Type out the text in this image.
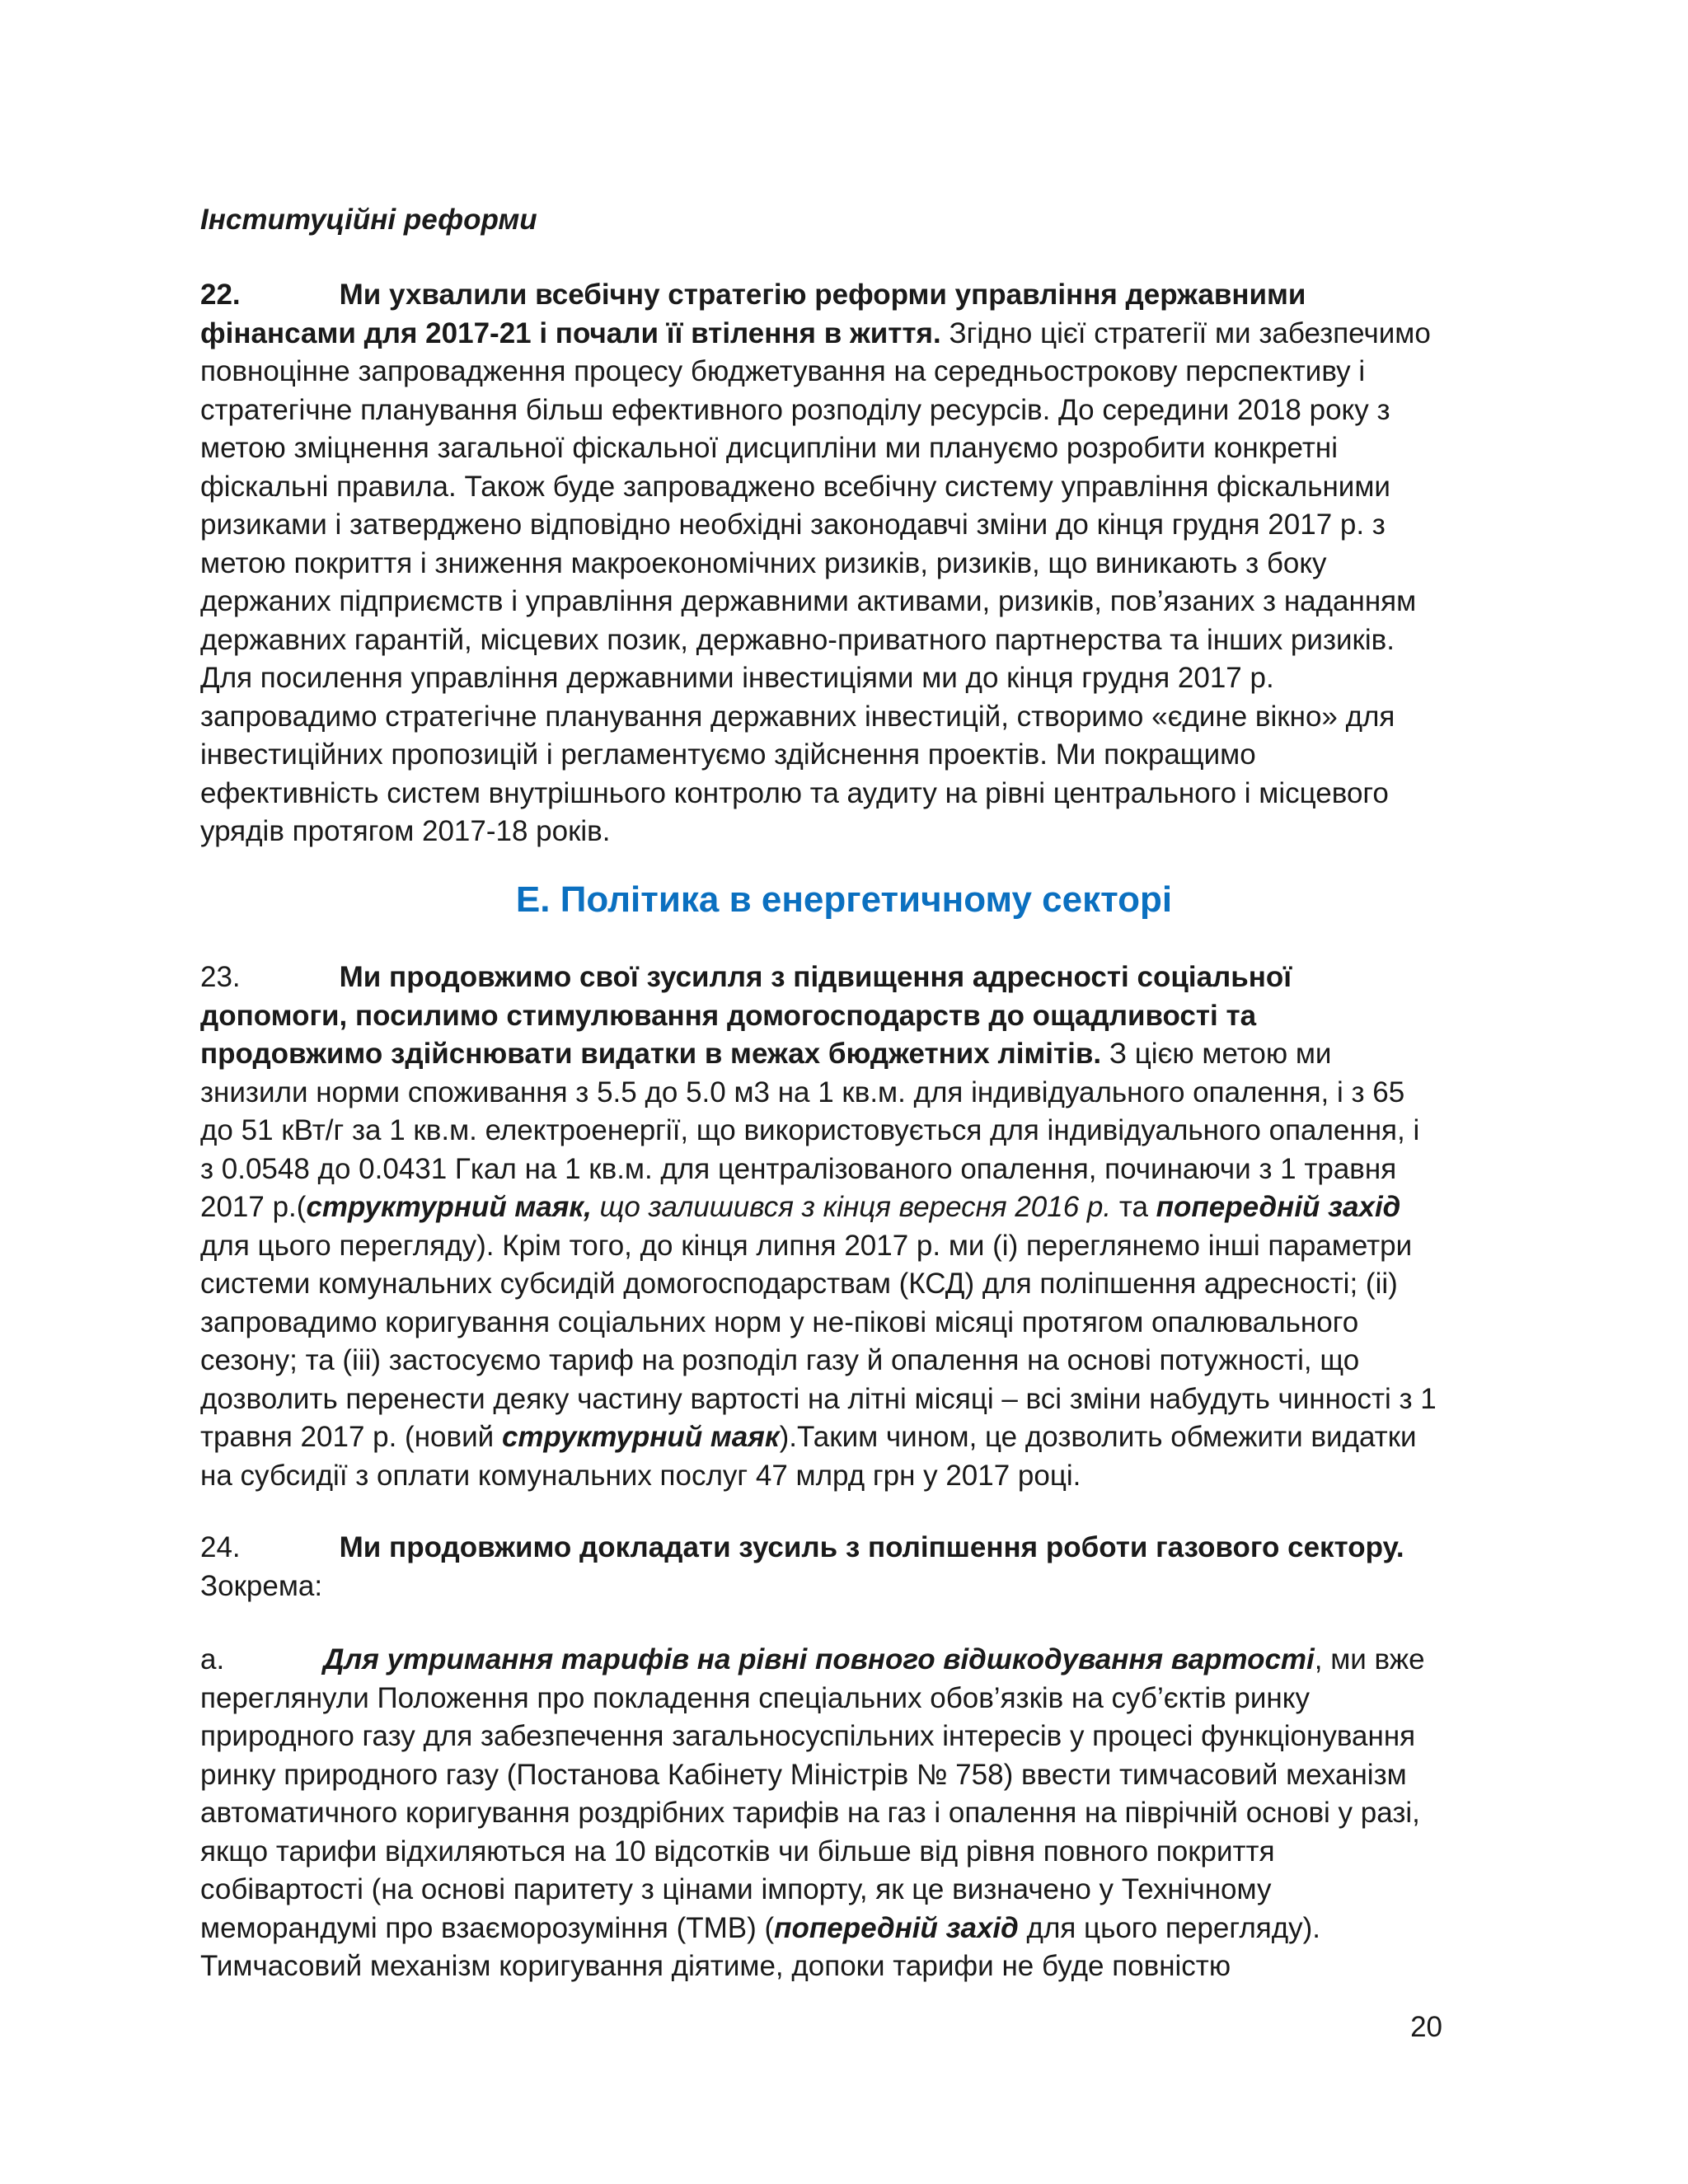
Інституційні реформи
22.	Ми ухвалили всебічну стратегію реформи управління державними фінансами для 2017-21 і почали її втілення в життя. Згідно цієї стратегії ми забезпечимо повноцінне запровадження процесу бюджетування на середньострокову перспективу і стратегічне планування більш ефективного розподілу ресурсів. До середини 2018 року з метою зміцнення загальної фіскальної дисципліни ми плануємо розробити конкретні фіскальні правила. Також буде запроваджено всебічну систему управління фіскальними ризиками і затверджено відповідно необхідні законодавчі зміни до кінця грудня 2017 р. з метою покриття і зниження макроекономічних ризиків, ризиків, що виникають з боку держаних підприємств і управління державними активами, ризиків, пов’язаних з наданням державних гарантій, місцевих позик, державно-приватного партнерства та інших ризиків. Для посилення управління державними інвестиціями ми до кінця грудня 2017 р. запровадимо стратегічне планування державних інвестицій, створимо «єдине вікно» для інвестиційних пропозицій і регламентуємо здійснення проектів. Ми покращимо ефективність систем внутрішнього контролю та аудиту на рівні центрального і місцевого урядів протягом 2017-18 років.
E. Політика в енергетичному секторі
23.	Ми продовжимо свої зусилля з підвищення адресності соціальної допомоги, посилимо стимулювання домогосподарств до ощадливості та продовжимо здійснювати видатки в межах бюджетних лімітів. З цією метою ми знизили норми споживання з 5.5 до 5.0 м3 на 1 кв.м. для індивідуального опалення, і з 65 до 51 кВт/г за 1 кв.м. електроенергії, що використовується для індивідуального опалення, і з 0.0548 до 0.0431 Гкал на 1 кв.м. для централізованого опалення, починаючи з 1 травня 2017 р.(структурний маяк, що залишився з кінця вересня 2016 р. та попередній захід для цього перегляду). Крім того, до кінця липня 2017 р. ми (i) переглянемо інші параметри системи комунальних субсидій домогосподарствам (КСД) для поліпшення адресності; (ii) запровадимо коригування соціальних норм у не-пікові місяці протягом опалювального сезону; та (iii) застосуємо тариф на розподіл газу й опалення на основі потужності, що дозволить перенести деяку частину вартості на літні місяці – всі зміни набудуть чинності з 1 травня 2017 р. (новий структурний маяк).Таким чином, це дозволить обмежити видатки на субсидії з оплати комунальних послуг 47 млрд грн у 2017 році.
24.	Ми продовжимо докладати зусиль з поліпшення роботи газового сектору. Зокрема:
a.	Для утримання тарифів на рівні повного відшкодування вартості, ми вже переглянули Положення про покладення спеціальних обов’язків на суб’єктів ринку природного газу для забезпечення загальносуспільних інтересів у процесі функціонування ринку природного газу (Постанова Кабінету Міністрів № 758) ввести тимчасовий механізм автоматичного коригування роздрібних тарифів на газ і опалення на піврічній основі у разі, якщо тарифи відхиляються на 10 відсотків чи більше від рівня повного покриття собівартості (на основі паритету з цінами імпорту, як це визначено у Технічному меморандумі про взаєморозуміння (ТМВ) (попередній захід для цього перегляду). Тимчасовий механізм коригування діятиме, допоки тарифи не буде повністю
20
